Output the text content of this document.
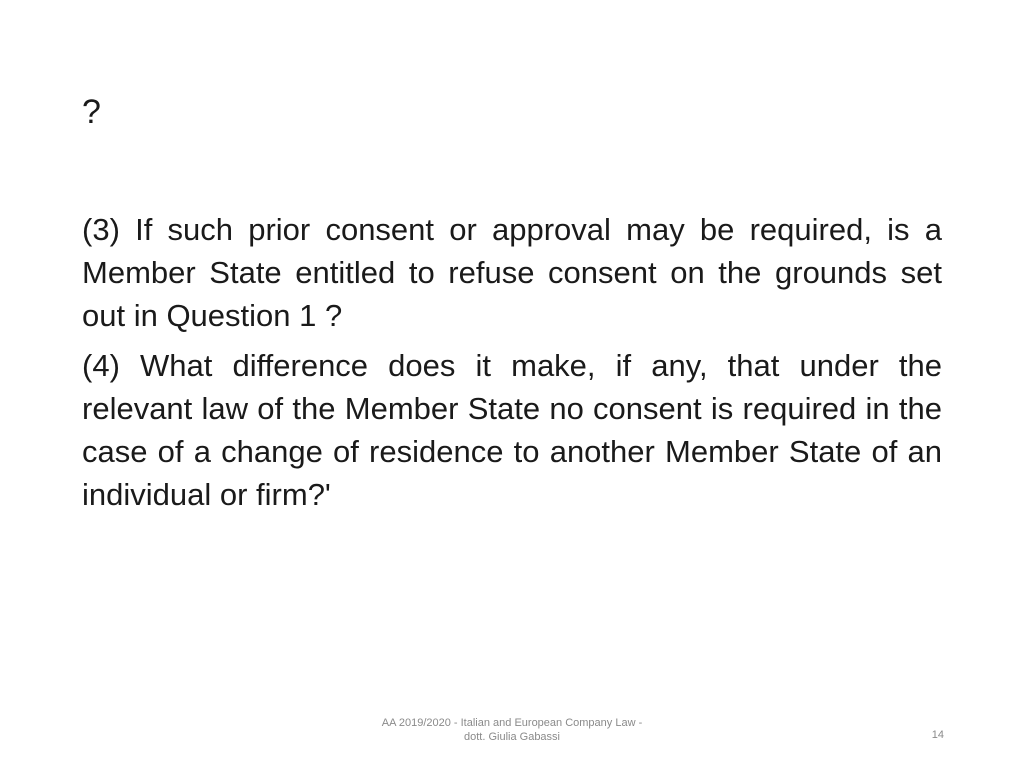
?

(3) If such prior consent or approval may be required, is a Member State entitled to refuse consent on the grounds set out in Question 1 ?

(4) What difference does it make, if any, that under the relevant law of the Member State no consent is required in the case of a change of residence to another Member State of an individual or firm?'

AA 2019/2020 - Italian and European Company Law -
dott. Giulia Gabassi	14
